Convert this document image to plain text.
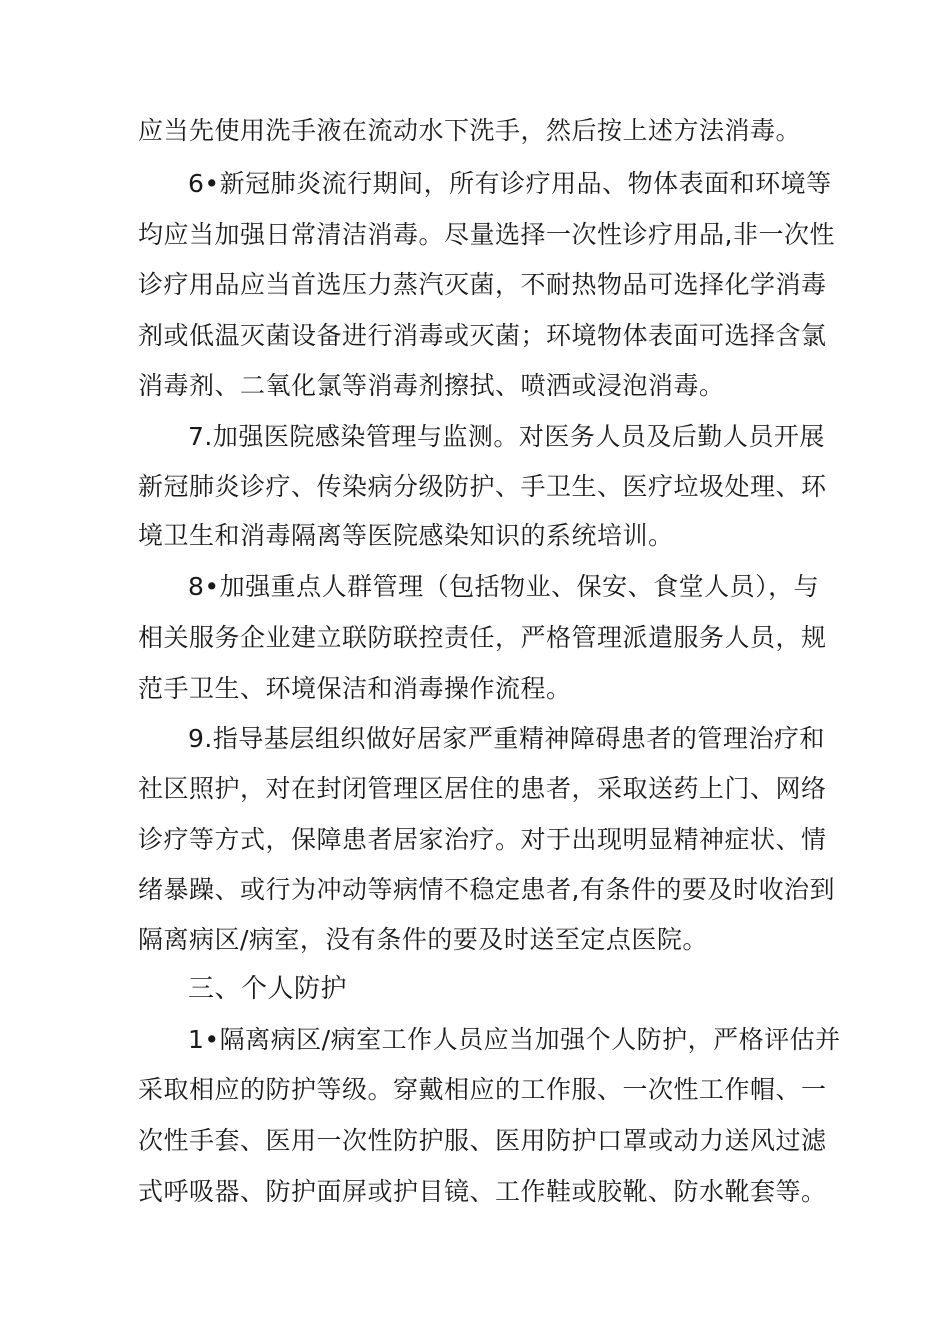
应当先使用洗手液在流动水下洗手，然后按上述方法消毒。
6•新冠肺炎流行期间，所有诊疗用品、物体表面和环境等
均应当加强日常清洁消毒。尽量选择一次性诊疗用品,非一次性
诊疗用品应当首选压力蒸汽灭菌，不耐热物品可选择化学消毒
剂或低温灭菌设备进行消毒或灭菌；环境物体表面可选择含氯
消毒剂、二氧化氯等消毒剂擦拭、喷洒或浸泡消毒。
7.加强医院感染管理与监测。对医务人员及后勤人员开展
新冠肺炎诊疗、传染病分级防护、手卫生、医疗垃圾处理、环
境卫生和消毒隔离等医院感染知识的系统培训。
8•加强重点人群管理（包括物业、保安、食堂人员），与
相关服务企业建立联防联控责任，严格管理派遣服务人员，规
范手卫生、环境保洁和消毒操作流程。
9.指导基层组织做好居家严重精神障碍患者的管理治疗和
社区照护，对在封闭管理区居住的患者，采取送药上门、网络
诊疗等方式，保障患者居家治疗。对于出现明显精神症状、情
绪暴躁、或行为冲动等病情不稳定患者,有条件的要及时收治到
隔离病区/病室，没有条件的要及时送至定点医院。
三、个人防护
1•隔离病区/病室工作人员应当加强个人防护，严格评估并
采取相应的防护等级。穿戴相应的工作服、一次性工作帽、一
次性手套、医用一次性防护服、医用防护口罩或动力送风过滤
式呼吸器、防护面屏或护目镜、工作鞋或胶靴、防水靴套等。
